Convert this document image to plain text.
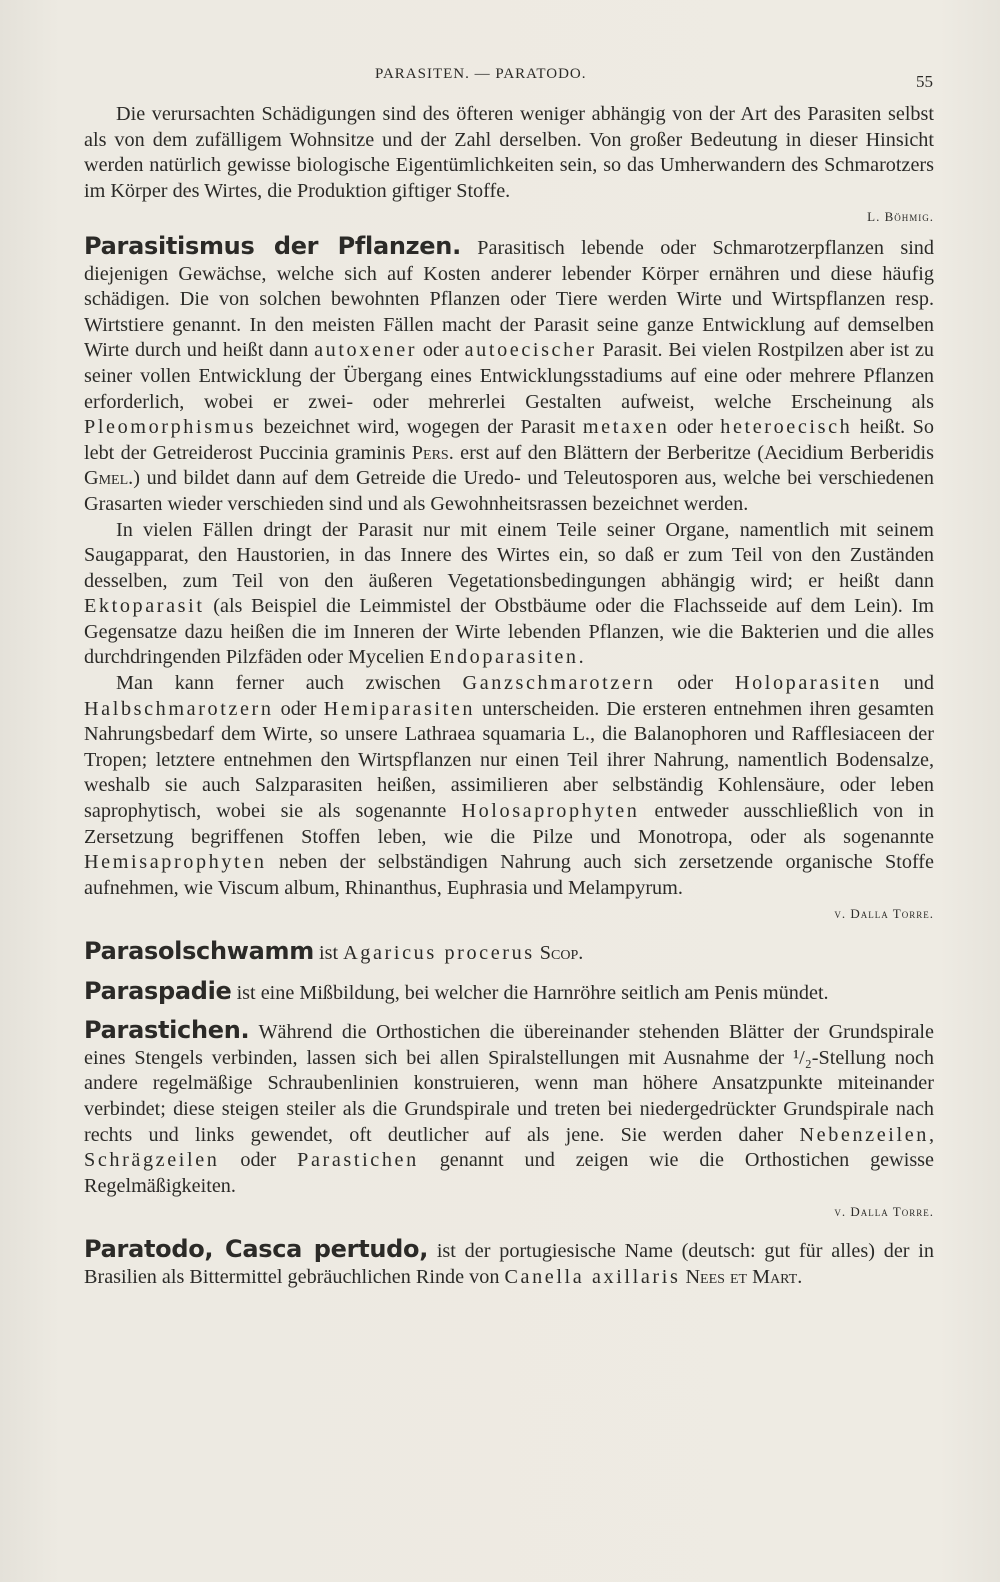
PARASITEN. — PARATODO.	55

Die verursachten Schädigungen sind des öfteren weniger abhängig von der Art des Parasiten selbst als von dem zufälligem Wohnsitze und der Zahl derselben. Von großer Bedeutung in dieser Hinsicht werden natürlich gewisse biologische Eigentümlichkeiten sein, so das Umherwandern des Schmarotzers im Körper des Wirtes, die Produktion giftiger Stoffe.

L. Böhmig.

Parasitismus der Pflanzen. Parasitisch lebende oder Schmarotzerpflanzen sind diejenigen Gewächse, welche sich auf Kosten anderer lebender Körper ernähren und diese häufig schädigen. Die von solchen bewohnten Pflanzen oder Tiere werden Wirte und Wirtspflanzen resp. Wirtstiere genannt. In den meisten Fällen macht der Parasit seine ganze Entwicklung auf demselben Wirte durch und heißt dann autoxener oder autoecischer Parasit. Bei vielen Rostpilzen aber ist zu seiner vollen Entwicklung der Übergang eines Entwicklungsstadiums auf eine oder mehrere Pflanzen erforderlich, wobei er zwei- oder mehrerlei Gestalten aufweist, welche Erscheinung als Pleomorphismus bezeichnet wird, wogegen der Parasit metaxen oder heteroecisch heißt. So lebt der Getreiderost Puccinia graminis Pers. erst auf den Blättern der Berberitze (Aecidium Berberidis Gmel.) und bildet dann auf dem Getreide die Uredo- und Teleutosporen aus, welche bei verschiedenen Grasarten wieder verschieden sind und als Gewohnheitsrassen bezeichnet werden.

In vielen Fällen dringt der Parasit nur mit einem Teile seiner Organe, namentlich mit seinem Saugapparat, den Haustorien, in das Innere des Wirtes ein, so daß er zum Teil von den Zuständen desselben, zum Teil von den äußeren Vegetationsbedingungen abhängig wird; er heißt dann Ektoparasit (als Beispiel die Leimmistel der Obstbäume oder die Flachsseide auf dem Lein). Im Gegensatze dazu heißen die im Inneren der Wirte lebenden Pflanzen, wie die Bakterien und die alles durchdringenden Pilzfäden oder Mycelien Endoparasiten.

Man kann ferner auch zwischen Ganzschmarotzern oder Holoparasiten und Halbschmarotzern oder Hemiparasiten unterscheiden. Die ersteren entnehmen ihren gesamten Nahrungsbedarf dem Wirte, so unsere Lathraea squamaria L., die Balanophoren und Rafflesiaceen der Tropen; letztere entnehmen den Wirtspflanzen nur einen Teil ihrer Nahrung, namentlich Bodensalze, weshalb sie auch Salzparasiten heißen, assimilieren aber selbständig Kohlensäure, oder leben saprophytisch, wobei sie als sogenannte Holosaprophyten entweder ausschließlich von in Zersetzung begriffenen Stoffen leben, wie die Pilze und Monotropa, oder als sogenannte Hemisaprophyten neben der selbständigen Nahrung auch sich zersetzende organische Stoffe aufnehmen, wie Viscum album, Rhinanthus, Euphrasia und Melampyrum.

v. Dalla Torre.

Parasolschwamm ist Agaricus procerus Scop.

Paraspadie ist eine Mißbildung, bei welcher die Harnröhre seitlich am Penis mündet.

Parastichen. Während die Orthostichen die übereinander stehenden Blätter der Grundspirale eines Stengels verbinden, lassen sich bei allen Spiralstellungen mit Ausnahme der ¹/₂-Stellung noch andere regelmäßige Schraubenlinien konstruieren, wenn man höhere Ansatzpunkte miteinander verbindet; diese steigen steiler als die Grundspirale und treten bei niedergedrückter Grundspirale nach rechts und links gewendet, oft deutlicher auf als jene. Sie werden daher Nebenzeilen, Schrägzeilen oder Parastichen genannt und zeigen wie die Orthostichen gewisse Regelmäßigkeiten.

v. Dalla Torre.

Paratodo, Casca pertudo, ist der portugiesische Name (deutsch: gut für alles) der in Brasilien als Bittermittel gebräuchlichen Rinde von Canella axillaris Nees et Mart.
